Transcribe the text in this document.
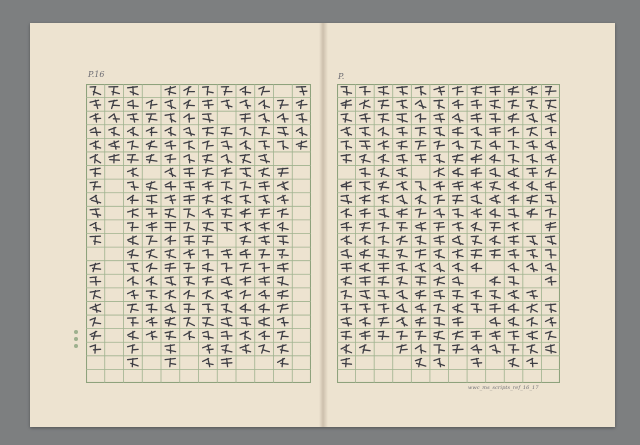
P.16	P.
wwc_ms_scripts_ref_16_17
